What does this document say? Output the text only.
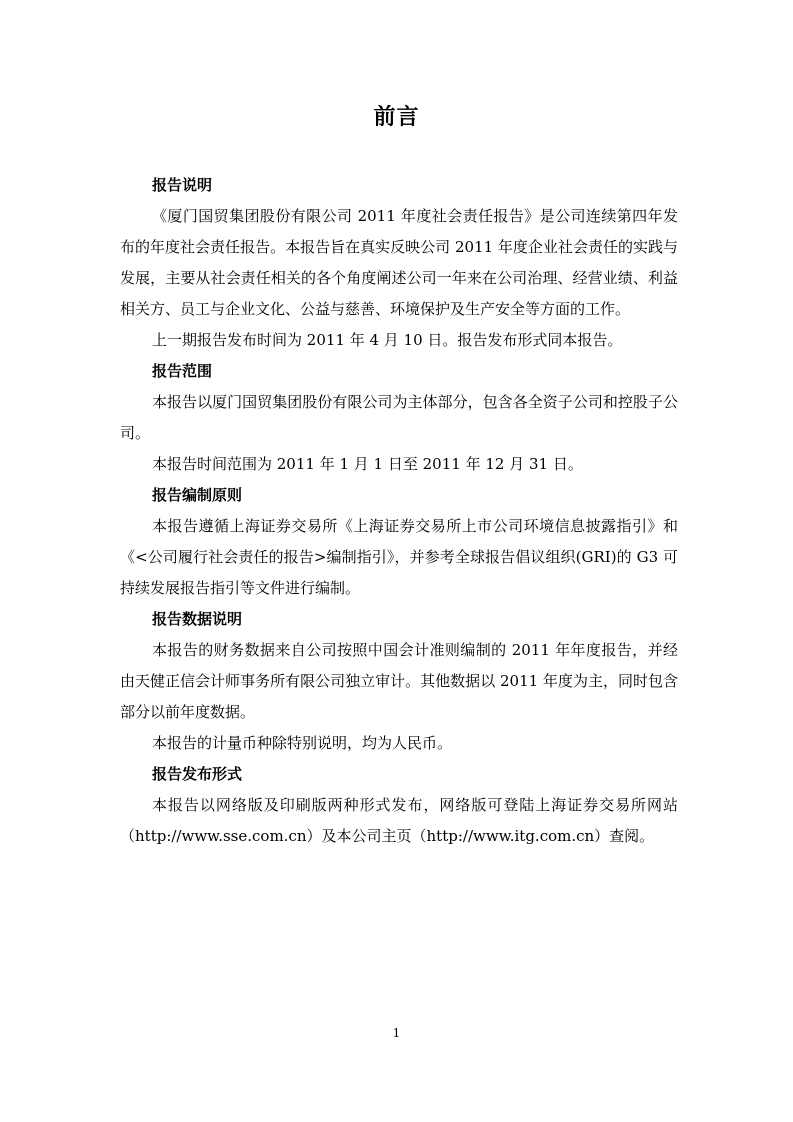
前言

报告说明

《厦门国贸集团股份有限公司 2011 年度社会责任报告》是公司连续第四年发布的年度社会责任报告。本报告旨在真实反映公司 2011 年度企业社会责任的实践与发展，主要从社会责任相关的各个角度阐述公司一年来在公司治理、经营业绩、利益相关方、员工与企业文化、公益与慈善、环境保护及生产安全等方面的工作。

上一期报告发布时间为 2011 年 4 月 10 日。报告发布形式同本报告。

报告范围

本报告以厦门国贸集团股份有限公司为主体部分，包含各全资子公司和控股子公司。

本报告时间范围为 2011 年 1 月 1 日至 2011 年 12 月 31 日。

报告编制原则

本报告遵循上海证券交易所《上海证券交易所上市公司环境信息披露指引》和《<公司履行社会责任的报告>编制指引》，并参考全球报告倡议组织(GRI)的 G3 可持续发展报告指引等文件进行编制。

报告数据说明

本报告的财务数据来自公司按照中国会计准则编制的 2011 年年度报告，并经由天健正信会计师事务所有限公司独立审计。其他数据以 2011 年度为主，同时包含部分以前年度数据。

本报告的计量币种除特别说明，均为人民币。

报告发布形式

本报告以网络版及印刷版两种形式发布，网络版可登陆上海证券交易所网站（http://www.sse.com.cn）及本公司主页（http://www.itg.com.cn）查阅。

1
